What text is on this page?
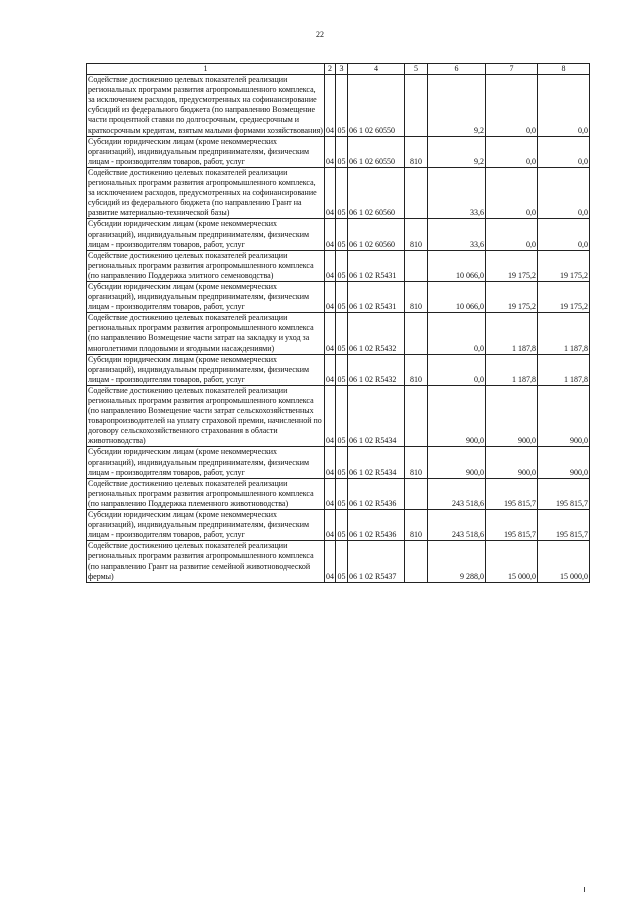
22
1	2	3	4	5	6	7	8
Содействие достижению целевых показателей реализации региональных программ развития агропромышленного комплекса, за исключением расходов, предусмотренных на софинансирование субсидий из федерального бюджета (по направлению Возмещение части процентной ставки по долгосрочным, среднесрочным и краткосрочным кредитам, взятым малыми формами хозяйствования)	04	05	06 1 02 60550		9,2	0,0	0,0
Субсидии юридическим лицам (кроме некоммерческих организаций), индивидуальным предпринимателям, физическим лицам - производителям товаров, работ, услуг	04	05	06 1 02 60550	810	9,2	0,0	0,0
Содействие достижению целевых показателей реализации региональных программ развития агропромышленного комплекса, за исключением расходов, предусмотренных на софинансирование субсидий из федерального бюджета (по направлению Грант на развитие материально-технической базы)	04	05	06 1 02 60560		33,6	0,0	0,0
Субсидии юридическим лицам (кроме некоммерческих организаций), индивидуальным предпринимателям, физическим лицам - производителям товаров, работ, услуг	04	05	06 1 02 60560	810	33,6	0,0	0,0
Содействие достижению целевых показателей реализации региональных программ развития агропромышленного комплекса (по направлению Поддержка элитного семеноводства)	04	05	06 1 02 R5431		10 066,0	19 175,2	19 175,2
Субсидии юридическим лицам (кроме некоммерческих организаций), индивидуальным предпринимателям, физическим лицам - производителям товаров, работ, услуг	04	05	06 1 02 R5431	810	10 066,0	19 175,2	19 175,2
Содействие достижению целевых показателей реализации региональных программ развития агропромышленного комплекса (по направлению Возмещение части затрат на закладку и уход за многолетними плодовыми и ягодными насаждениями)	04	05	06 1 02 R5432		0,0	1 187,8	1 187,8
Субсидии юридическим лицам (кроме некоммерческих организаций), индивидуальным предпринимателям, физическим лицам - производителям товаров, работ, услуг	04	05	06 1 02 R5432	810	0,0	1 187,8	1 187,8
Содействие достижению целевых показателей реализации региональных программ развития агропромышленного комплекса (по направлению Возмещение части затрат сельскохозяйственных товаропроизводителей на уплату страховой премии, начисленной по договору сельскохозяйственного страхования в области животноводства)	04	05	06 1 02 R5434		900,0	900,0	900,0
Субсидии юридическим лицам (кроме некоммерческих организаций), индивидуальным предпринимателям, физическим лицам - производителям товаров, работ, услуг	04	05	06 1 02 R5434	810	900,0	900,0	900,0
Содействие достижению целевых показателей реализации региональных программ развития агропромышленного комплекса (по направлению Поддержка племенного животноводства)	04	05	06 1 02 R5436		243 518,6	195 815,7	195 815,7
Субсидии юридическим лицам (кроме некоммерческих организаций), индивидуальным предпринимателям, физическим лицам - производителям товаров, работ, услуг	04	05	06 1 02 R5436	810	243 518,6	195 815,7	195 815,7
Содействие достижению целевых показателей реализации региональных программ развития агропромышленного комплекса (по направлению Грант на развитие семейной животноводческой фермы)	04	05	06 1 02 R5437		9 288,0	15 000,0	15 000,0
